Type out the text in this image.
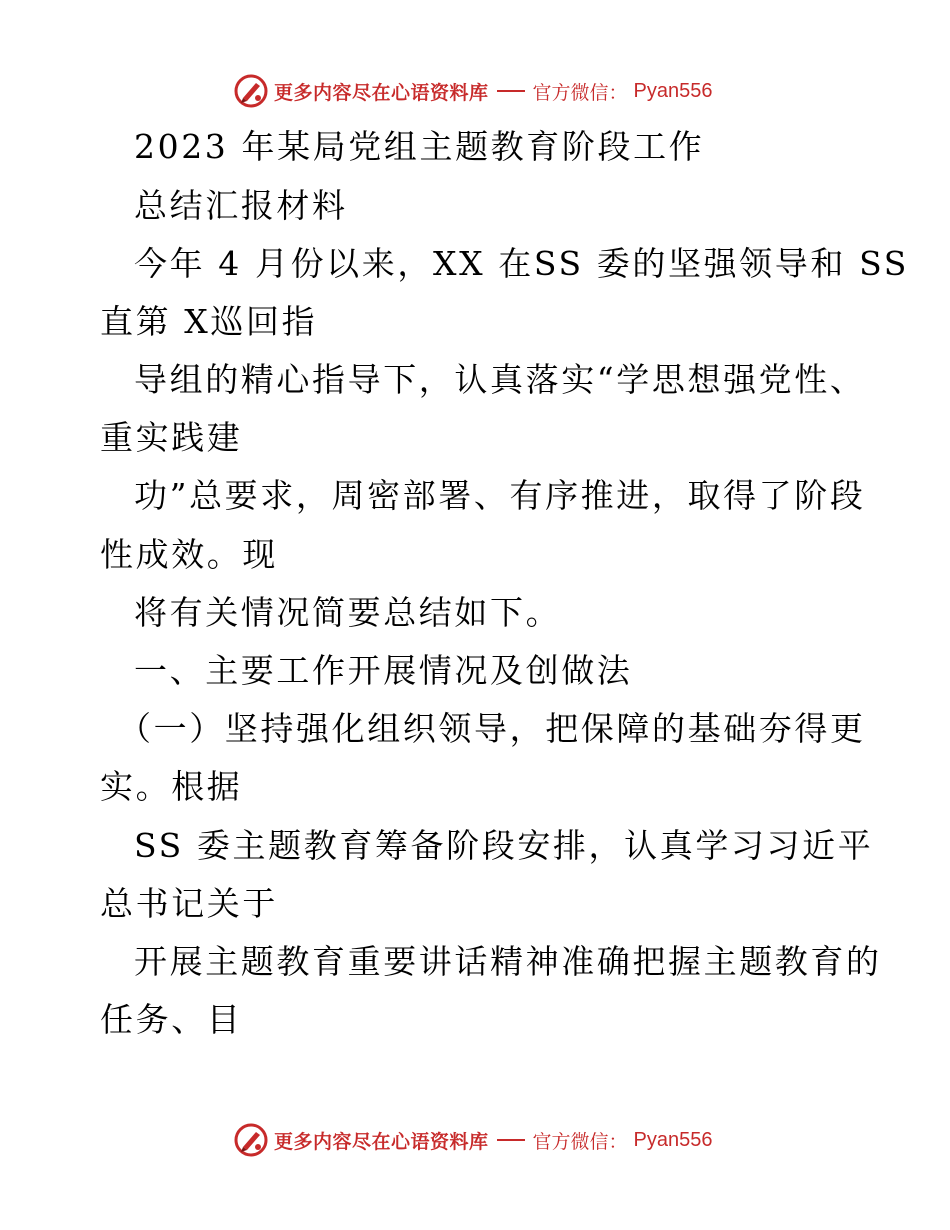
更多内容尽在心语资料库 官方微信： Pyan556
2023 年某局党组主题教育阶段工作
总结汇报材料
今年 4 月份以来，XX 在SS 委的坚强领导和 SS
直第 X巡回指
导组的精心指导下，认真落实“学思想强党性、
重实践建
功”总要求，周密部署、有序推进，取得了阶段
性成效。现
将有关情况简要总结如下。
一、主要工作开展情况及创做法
（一）坚持强化组织领导，把保障的基础夯得更
实。根据
SS 委主题教育筹备阶段安排，认真学习习近平
总书记关于
开展主题教育重要讲话精神准确把握主题教育的
任务、目
更多内容尽在心语资料库 官方微信： Pyan556
